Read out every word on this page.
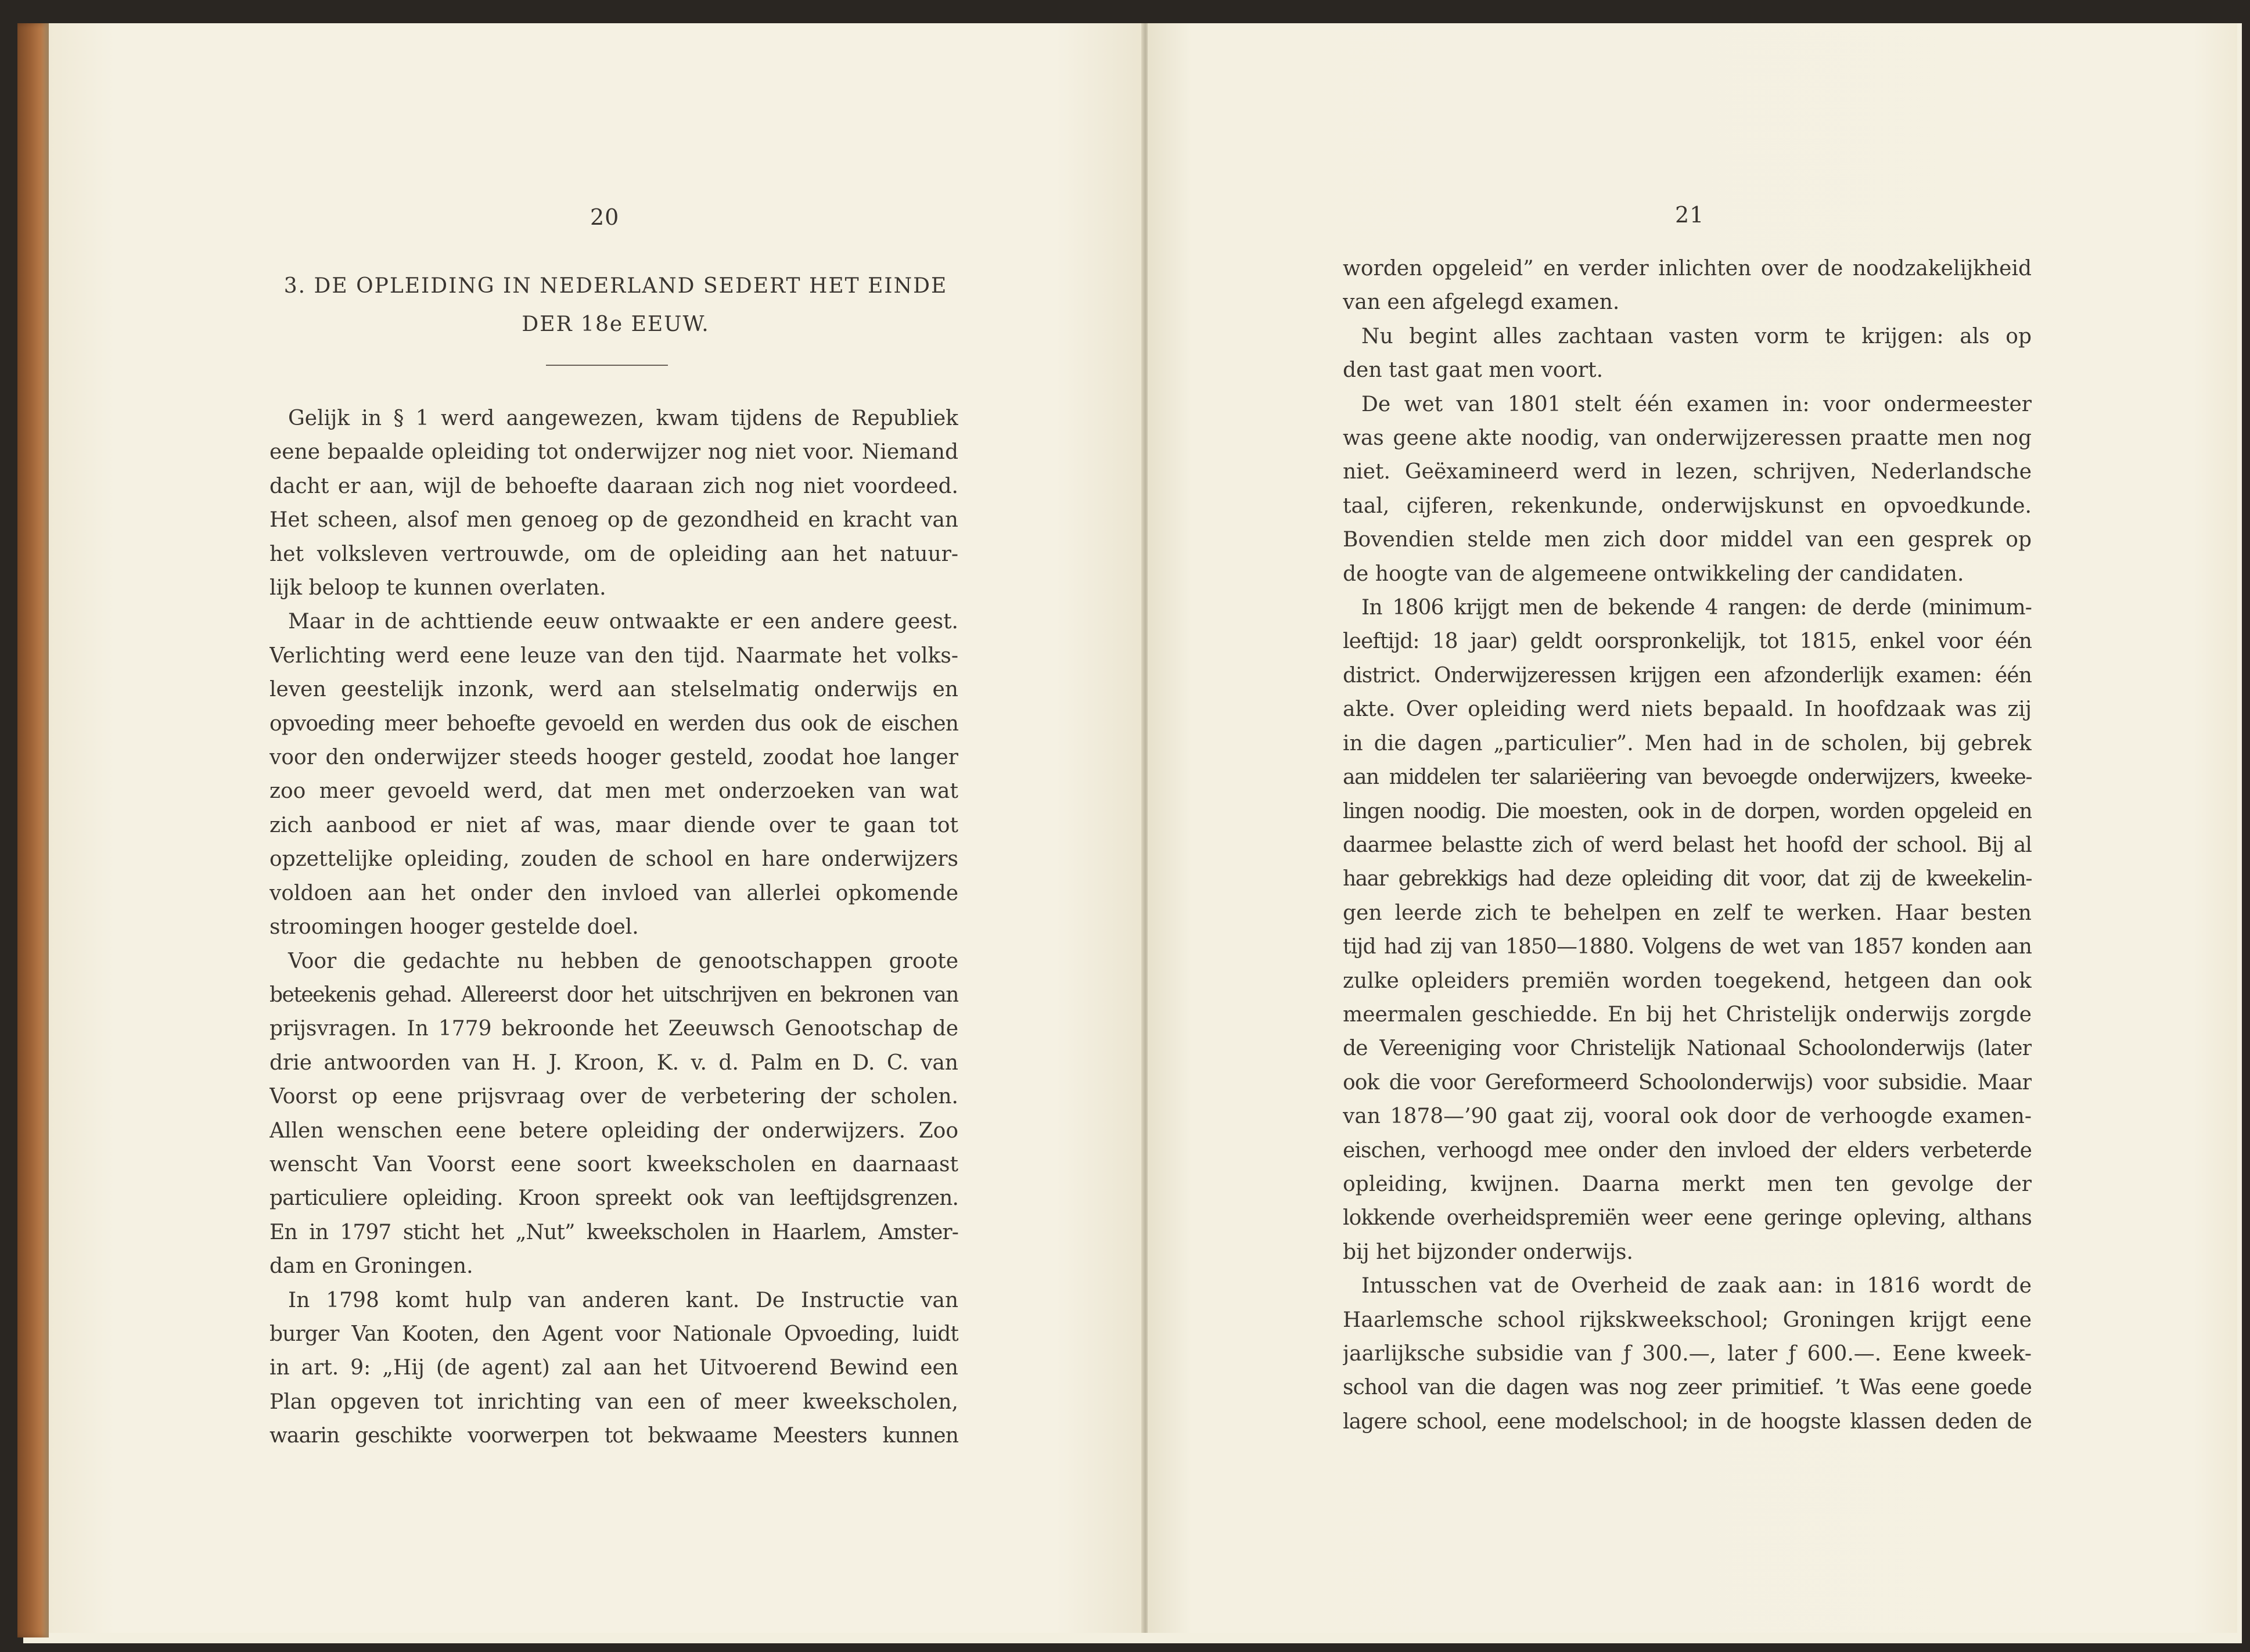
20	21
3. DE OPLEIDING IN NEDERLAND SEDERT HET EINDE
DER 18e EEUW.

Gelijk in § 1 werd aangewezen, kwam tijdens de Republiek

eene bepaalde opleiding tot onderwijzer nog niet voor. Niemand

dacht er aan, wijl de behoefte daaraan zich nog niet voordeed.

Het scheen, alsof men genoeg op de gezondheid en kracht van

het volksleven vertrouwde, om de opleiding aan het natuur-

lijk beloop te kunnen overlaten.

Maar in de achttiende eeuw ontwaakte er een andere geest.

Verlichting werd eene leuze van den tijd. Naarmate het volks-

leven geestelijk inzonk, werd aan stelselmatig onderwijs en

opvoeding meer behoefte gevoeld en werden dus ook de eischen

voor den onderwijzer steeds hooger gesteld, zoodat hoe langer

zoo meer gevoeld werd, dat men met onderzoeken van wat

zich aanbood er niet af was, maar diende over te gaan tot

opzettelijke opleiding, zouden de school en hare onderwijzers

voldoen aan het onder den invloed van allerlei opkomende

stroomingen hooger gestelde doel.

Voor die gedachte nu hebben de genootschappen groote

beteekenis gehad. Allereerst door het uitschrijven en bekronen van

prijsvragen. In 1779 bekroonde het Zeeuwsch Genootschap de

drie antwoorden van H. J. Kroon, K. v. d. Palm en D. C. van

Voorst op eene prijsvraag over de verbetering der scholen.

Allen wenschen eene betere opleiding der onderwijzers. Zoo

wenscht Van Voorst eene soort kweekscholen en daarnaast

particuliere opleiding. Kroon spreekt ook van leeftijdsgrenzen.

En in 1797 sticht het „Nut” kweekscholen in Haarlem, Amster-

dam en Groningen.

In 1798 komt hulp van anderen kant. De Instructie van

burger Van Kooten, den Agent voor Nationale Opvoeding, luidt

in art. 9: „Hij (de agent) zal aan het Uitvoerend Bewind een

Plan opgeven tot inrichting van een of meer kweekscholen,

waarin geschikte voorwerpen tot bekwaame Meesters kunnen

worden opgeleid” en verder inlichten over de noodzakelijkheid

van een afgelegd examen.

Nu begint alles zachtaan vasten vorm te krijgen: als op

den tast gaat men voort.

De wet van 1801 stelt één examen in: voor ondermeester

was geene akte noodig, van onderwijzeressen praatte men nog

niet. Geëxamineerd werd in lezen, schrijven, Nederlandsche

taal, cijferen, rekenkunde, onderwijskunst en opvoedkunde.

Bovendien stelde men zich door middel van een gesprek op

de hoogte van de algemeene ontwikkeling der candidaten.

In 1806 krijgt men de bekende 4 rangen: de derde (minimum-

leeftijd: 18 jaar) geldt oorspronkelijk, tot 1815, enkel voor één

district. Onderwijzeressen krijgen een afzonderlijk examen: één

akte. Over opleiding werd niets bepaald. In hoofdzaak was zij

in die dagen „particulier”. Men had in de scholen, bij gebrek

aan middelen ter salariëering van bevoegde onderwijzers, kweeke-

lingen noodig. Die moesten, ook in de dorpen, worden opgeleid en

daarmee belastte zich of werd belast het hoofd der school. Bij al

haar gebrekkigs had deze opleiding dit voor, dat zij de kweekelin-

gen leerde zich te behelpen en zelf te werken. Haar besten

tijd had zij van 1850—1880. Volgens de wet van 1857 konden aan

zulke opleiders premiën worden toegekend, hetgeen dan ook

meermalen geschiedde. En bij het Christelijk onderwijs zorgde

de Vereeniging voor Christelijk Nationaal Schoolonderwijs (later

ook die voor Gereformeerd Schoolonderwijs) voor subsidie. Maar

van 1878—’90 gaat zij, vooral ook door de verhoogde examen-

eischen, verhoogd mee onder den invloed der elders verbeterde

opleiding, kwijnen. Daarna merkt men ten gevolge der

lokkende overheidspremiën weer eene geringe opleving, althans

bij het bijzonder onderwijs.

Intusschen vat de Overheid de zaak aan: in 1816 wordt de

Haarlemsche school rijkskweekschool; Groningen krijgt eene

jaarlijksche subsidie van ƒ 300.—, later ƒ 600.—. Eene kweek-

school van die dagen was nog zeer primitief. ’t Was eene goede

lagere school, eene modelschool; in de hoogste klassen deden de
